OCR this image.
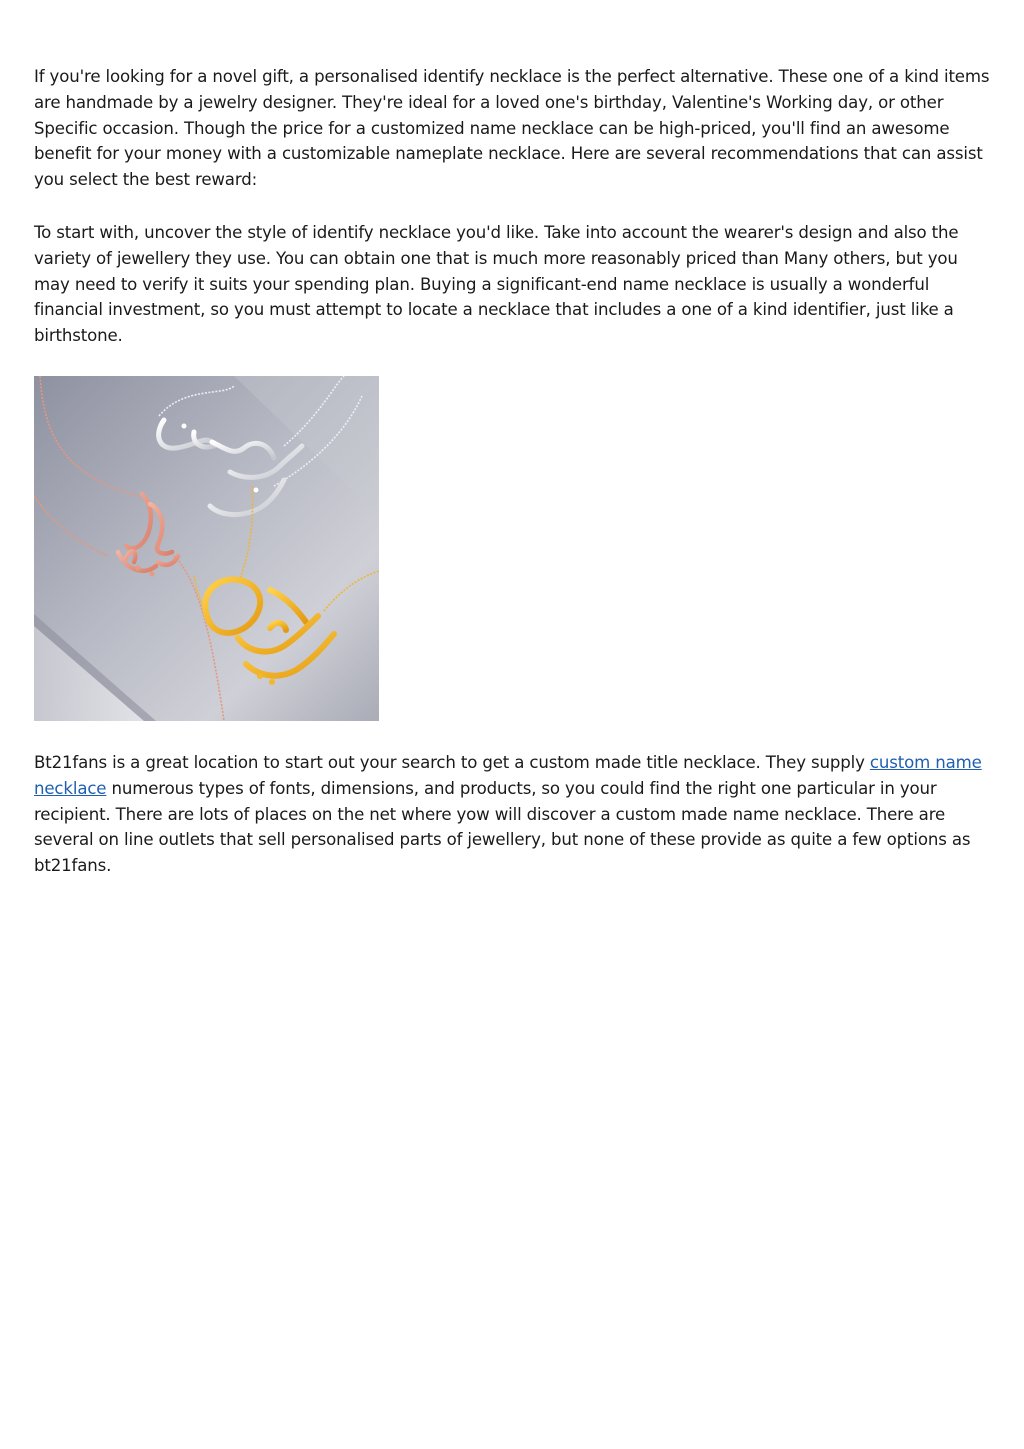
If you're looking for a novel gift, a personalised identify necklace is the perfect alternative. These one of a kind items are handmade by a jewelry designer. They're ideal for a loved one's birthday, Valentine's Working day, or other Specific occasion. Though the price for a customized name necklace can be high-priced, you'll find an awesome benefit for your money with a customizable nameplate necklace. Here are several recommendations that can assist you select the best reward:

To start with, uncover the style of identify necklace you'd like. Take into account the wearer's design and also the variety of jewellery they use. You can obtain one that is much more reasonably priced than Many others, but you may need to verify it suits your spending plan. Buying a significant-end name necklace is usually a wonderful financial investment, so you must attempt to locate a necklace that includes a one of a kind identifier, just like a birthstone.

Bt21fans is a great location to start out your search to get a custom made title necklace. They supply custom name necklace numerous types of fonts, dimensions, and products, so you could find the right one particular in your recipient. There are lots of places on the net where yow will discover a custom made name necklace. There are several on line outlets that sell personalised parts of jewellery, but none of these provide as quite a few options as bt21fans.
